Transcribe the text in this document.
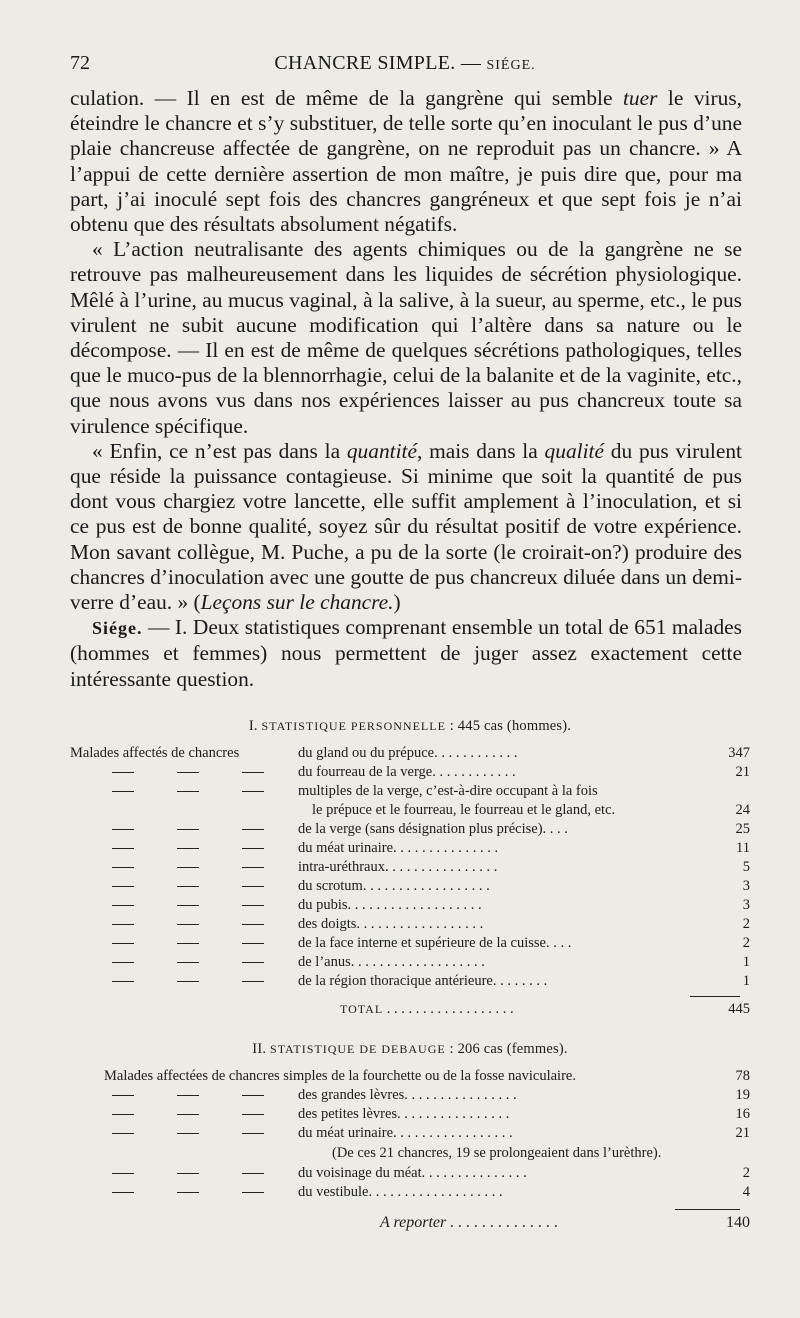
72	CHANCRE SIMPLE. — SIÉGE.

culation. — Il en est de même de la gangrène qui semble tuer le virus, éteindre le chancre et s’y substituer, de telle sorte qu’en inoculant le pus d’une plaie chancreuse affectée de gangrène, on ne reproduit pas un chancre. » A l’appui de cette dernière assertion de mon maître, je puis dire que, pour ma part, j’ai inoculé sept fois des chancres gangréneux et que sept fois je n’ai obtenu que des résultats absolument négatifs.

« L’action neutralisante des agents chimiques ou de la gangrène ne se retrouve pas malheureusement dans les liquides de sécrétion physiologique. Mêlé à l’urine, au mucus vaginal, à la salive, à la sueur, au sperme, etc., le pus virulent ne subit aucune modification qui l’altère dans sa nature ou le décompose. — Il en est de même de quelques sécrétions pathologiques, telles que le muco-pus de la blennorrhagie, celui de la balanite et de la vaginite, etc., que nous avons vus dans nos expériences laisser au pus chancreux toute sa virulence spécifique.

« Enfin, ce n’est pas dans la quantité, mais dans la qualité du pus virulent que réside la puissance contagieuse. Si minime que soit la quantité de pus dont vous chargiez votre lancette, elle suffit amplement à l’inoculation, et si ce pus est de bonne qualité, soyez sûr du résultat positif de votre expérience. Mon savant collègue, M. Puche, a pu de la sorte (le croirait-on?) produire des chancres d’inoculation avec une goutte de pus chancreux diluée dans un demi-verre d’eau. » (Leçons sur le chancre.)

Siége. — I. Deux statistiques comprenant ensemble un total de 651 malades (hommes et femmes) nous permettent de juger assez exactement cette intéressante question.

I. STATISTIQUE PERSONNELLE : 445 cas (hommes).
Malades affectés de chancres	du gland ou du prépuce. . . . . . . . . . . .	347
du fourreau de la verge. . . . . . . . . . . .	21
multiples de la verge, c’est-à-dire occupant à la fois
le prépuce et le fourreau, le fourreau et le gland, etc.	24
de la verge (sans désignation plus précise). . . .	25
du méat urinaire. . . . . . . . . . . . . . .	11
intra-uréthraux. . . . . . . . . . . . . . . .	5
du scrotum. . . . . . . . . . . . . . . . . .	3
du pubis. . . . . . . . . . . . . . . . . . .	3
des doigts. . . . . . . . . . . . . . . . . .	2
de la face interne et supérieure de la cuisse. . . .	2
de l’anus. . . . . . . . . . . . . . . . . . .	1
de la région thoracique antérieure. . . . . . . .	1
TOTAL . . . . . . . . . . . . . . . . . .	445
II. STATISTIQUE DE DEBAUGE : 206 cas (femmes).
Malades affectées de chancres simples de la fourchette ou de la fosse naviculaire.	78
des grandes lèvres. . . . . . . . . . . . . . . .	19
des petites lèvres. . . . . . . . . . . . . . . .	16
du méat urinaire. . . . . . . . . . . . . . . . .	21
(De ces 21 chancres, 19 se prolongeaient dans l’urèthre).
du voisinage du méat. . . . . . . . . . . . . . .	2
du vestibule. . . . . . . . . . . . . . . . . . .	4
A reporter . . . . . . . . . . . . . .	140
